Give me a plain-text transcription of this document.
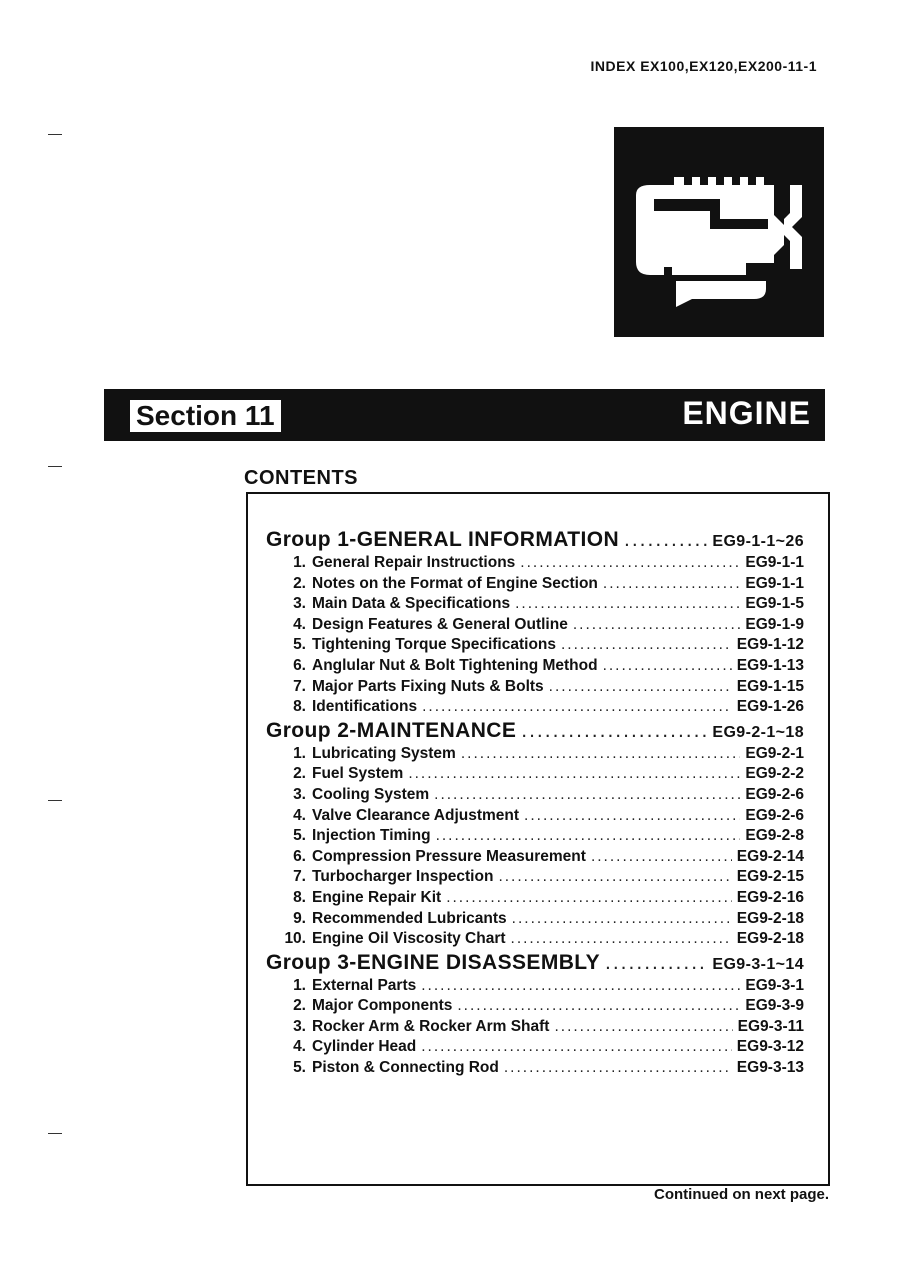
INDEX EX100,EX120,EX200-11-1
Section 11	ENGINE
CONTENTS
Group 1-GENERAL INFORMATION .....	EG9-1-1~26
1. General Repair Instructions .....	EG9-1-1
2. Notes on the Format of Engine Section .....	EG9-1-1
3. Main Data & Specifications .....	EG9-1-5
4. Design Features & General Outline .....	EG9-1-9
5. Tightening Torque Specifications .....	EG9-1-12
6. Anglular Nut & Bolt Tightening Method .....	EG9-1-13
7. Major Parts Fixing Nuts & Bolts .....	EG9-1-15
8. Identifications .....	EG9-1-26
Group 2-MAINTENANCE .....	EG9-2-1~18
1. Lubricating System .....	EG9-2-1
2. Fuel System .....	EG9-2-2
3. Cooling System .....	EG9-2-6
4. Valve Clearance Adjustment .....	EG9-2-6
5. Injection Timing .....	EG9-2-8
6. Compression Pressure Measurement .....	EG9-2-14
7. Turbocharger Inspection .....	EG9-2-15
8. Engine Repair Kit .....	EG9-2-16
9. Recommended Lubricants .....	EG9-2-18
10. Engine Oil Viscosity Chart .....	EG9-2-18
Group 3-ENGINE DISASSEMBLY .....	EG9-3-1~14
1. External Parts .....	EG9-3-1
2. Major Components .....	EG9-3-9
3. Rocker Arm & Rocker Arm Shaft .....	EG9-3-11
4. Cylinder Head .....	EG9-3-12
5. Piston & Connecting Rod .....	EG9-3-13
Continued on next page.
